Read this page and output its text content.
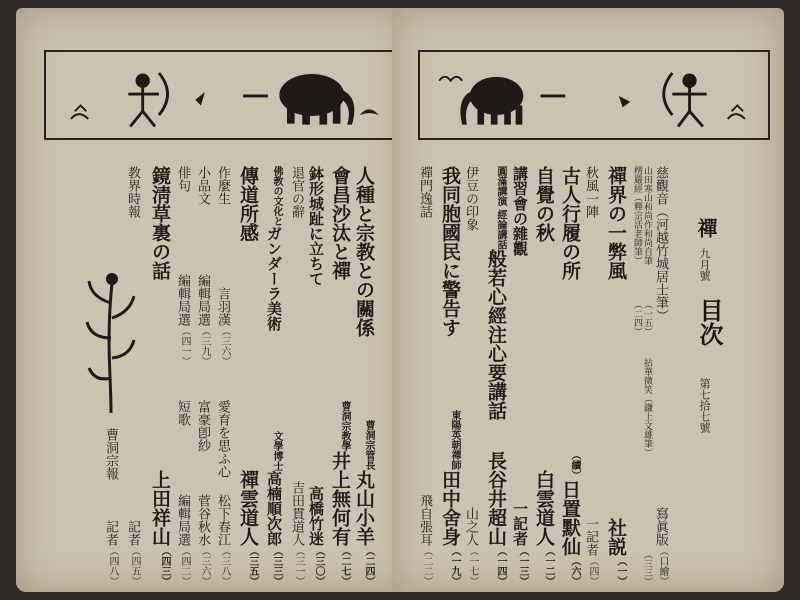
人種と宗教との關係
曹洞宗管長
丸山小羊
（二四）
會昌沙汰と禪
曹洞宗教學
井上無何有
（二七）
鉢形城趾に立ちて
高橋竹迷
（三〇）
退官の辭
吉田貫道人
（三一）
佛教の文化と
ガンダーラ美術
文學博士
高楠順次郎
（三三）
傳道所感
禪雲道人
（三五）
作麼生
言羽漢
（三六）
愛育を思ふ心
松下春江
（三八）
小品文
編輯局選
（三九）
富豪卽紗
菅谷秋水
（三六）
俳句
編輯局選
（四一）
短歌
編輯局選
（四二）
鏡淸草裏の話
上田祥山
（四三）
教界時報
記者
（四五）
曹洞宗報
記者
（四八）
禪
九月號
目次
第七拾七號
慈觀音（河越竹城居士筆）
寫眞版
（口繪）
山田寒山和尚作和尚自筆
（一五）
楞嚴經（釋宗活老師筆）
（二四）
拈華微笑（鎌上文雄筆）
（三三）
禪界の一弊風
社説
（一）
秋風一陣
一記者
（四）
古人行履の所
（續）
日置默仙
（六）
自覺の秋
白雲道人
（一二）
講習會の雜觀
一記者
（一三）
圓滿講演 經論講話
般若心經注心要講話
長谷井超山
（一四）
伊豆の印象
山之人
（一七）
我同胞國民に警告す
東陽英朝禪師
田中舍身
（一九）
禪門逸話
飛自張耳
（二二）
